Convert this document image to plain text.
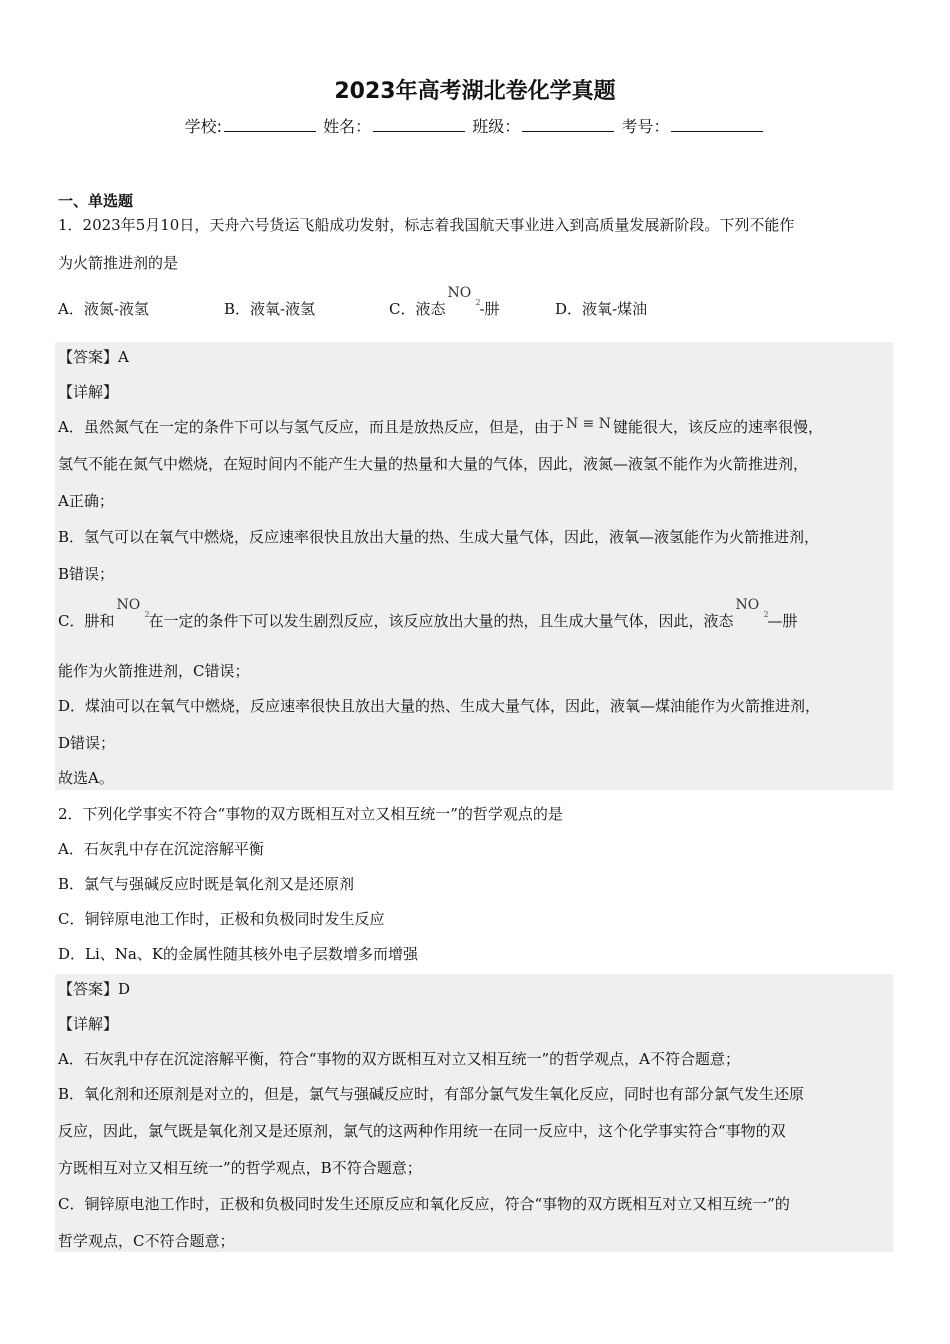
2023年高考湖北卷化学真题
学校:	姓名：	班级：	考号：
一、单选题
1．2023年5月10日，天舟六号货运飞船成功发射，标志着我国航天事业进入到高质量发展新阶段。下列不能作
为火箭推进剂的是
A．液氮-液氢	B．液氧-液氢	C．液态
NO
2
-肼	D．液氧-煤油
【答案】A
【详解】
A．虽然氮气在一定的条件下可以与氢气反应，而且是放热反应，但是，由于 N ≡ N 键能很大，该反应的速率很慢，
氢气不能在氮气中燃烧，在短时间内不能产生大量的热量和大量的气体，因此，液氮—液氢不能作为火箭推进剂，
A正确；
B．氢气可以在氧气中燃烧，反应速率很快且放出大量的热、生成大量气体，因此，液氧—液氢能作为火箭推进剂，
B错误；
C．肼和
NO
2
在一定的条件下可以发生剧烈反应，该反应放出大量的热，且生成大量气体，因此，液态
NO
2
—肼
能作为火箭推进剂，C错误；
D．煤油可以在氧气中燃烧，反应速率很快且放出大量的热、生成大量气体，因此，液氧—煤油能作为火箭推进剂，
D错误；
故选A。
2．下列化学事实不符合“事物的双方既相互对立又相互统一”的哲学观点的是
A．石灰乳中存在沉淀溶解平衡
B．氯气与强碱反应时既是氧化剂又是还原剂
C．铜锌原电池工作时，正极和负极同时发生反应
D．Li、Na、K的金属性随其核外电子层数增多而增强
【答案】D
【详解】
A．石灰乳中存在沉淀溶解平衡，符合“事物的双方既相互对立又相互统一”的哲学观点，A不符合题意；
B．氧化剂和还原剂是对立的，但是，氯气与强碱反应时，有部分氯气发生氧化反应，同时也有部分氯气发生还原
反应，因此，氯气既是氧化剂又是还原剂，氯气的这两种作用统一在同一反应中，这个化学事实符合“事物的双
方既相互对立又相互统一”的哲学观点，B不符合题意；
C．铜锌原电池工作时，正极和负极同时发生还原反应和氧化反应，符合“事物的双方既相互对立又相互统一”的
哲学观点，C不符合题意；
